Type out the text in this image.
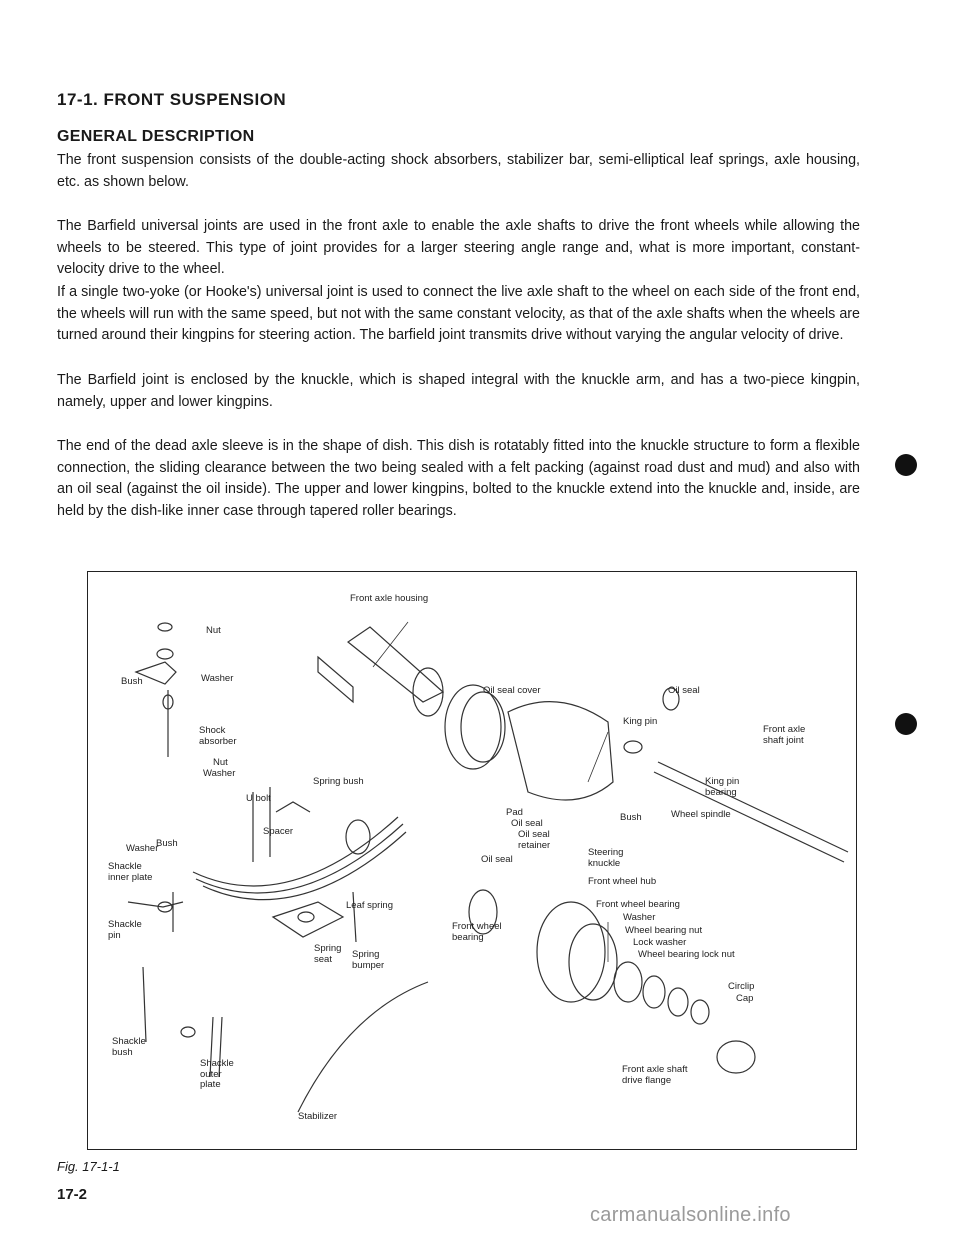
17-1. FRONT SUSPENSION
GENERAL DESCRIPTION
The front suspension consists of the double-acting shock absorbers, stabilizer bar, semi-elliptical leaf springs, axle housing, etc. as shown below.
The Barfield universal joints are used in the front axle to enable the axle shafts to drive the front wheels while allowing the wheels to be steered. This type of joint provides for a larger steering angle range and, what is more important, constant-velocity drive to the wheel.
If a single two-yoke (or Hooke's) universal joint is used to connect the live axle shaft to the wheel on each side of the front end, the wheels will run with the same speed, but not with the same constant velocity, as that of the axle shafts when the wheels are turned around their kingpins for steering action. The barfield joint transmits drive without varying the angular velocity of drive.
The Barfield joint is enclosed by the knuckle, which is shaped integral with the knuckle arm, and has a two-piece kingpin, namely, upper and lower kingpins.
The end of the dead axle sleeve is in the shape of dish. This dish is rotatably fitted into the knuckle structure to form a flexible connection, the sliding clearance between the two being sealed with a felt packing (against road dust and mud) and also with an oil seal (against the oil inside). The upper and lower kingpins, bolted to the knuckle extend into the knuckle and, inside, are held by the dish-like inner case through tapered roller bearings.
Nut
Bush	Washer
Shock
absorber
Nut
Washer
Spring bush
U bolt
Spacer
Washer
Bush
Shackle
inner plate
Leaf spring
Shackle
pin
Spring
seat	Spring
bumper
Shackle
bush
Shackle
outer
plate
Stabilizer
Front axle housing
Oil seal cover	Oil seal
King pin
Front axle
shaft joint
King pin
bearing
Pad
Oil seal
Oil seal
retainer
Bush	Wheel spindle
Steering
knuckle
Oil seal
Front wheel hub
Front wheel
bearing
Front wheel bearing
Washer
Wheel bearing nut
Lock washer
Wheel bearing lock nut
Circlip
Cap
Front axle shaft
drive flange
Fig. 17-1-1
17-2
carmanualsonline.info
